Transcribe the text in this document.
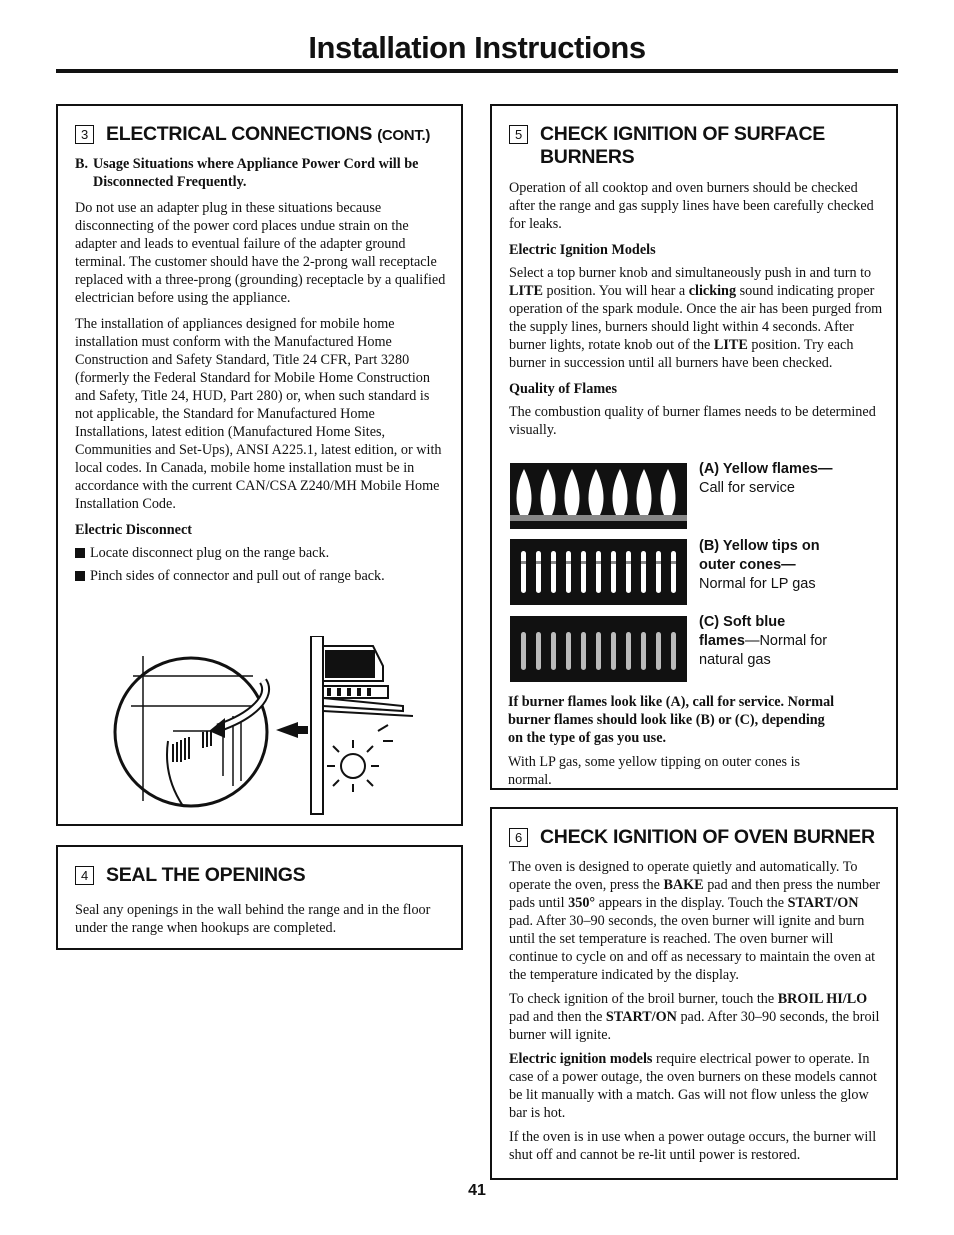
Installation Instructions
3 ELECTRICAL CONNECTIONS (CONT.)
B. Usage Situations where Appliance Power Cord will be Disconnected Frequently.

Do not use an adapter plug in these situations because disconnecting of the power cord places undue strain on the adapter and leads to eventual failure of the adapter ground terminal. The customer should have the 2-prong wall receptacle replaced with a three-prong (grounding) receptacle by a qualified electrician before using the appliance.

The installation of appliances designed for mobile home installation must conform with the Manufactured Home Construction and Safety Standard, Title 24 CFR, Part 3280 (formerly the Federal Standard for Mobile Home Construction and Safety, Title 24, HUD, Part 280) or, when such standard is not applicable, the Standard for Manufactured Home Installations, latest edition (Manufactured Home Sites, Communities and Set-Ups), ANSI A225.1, latest edition, or with local codes. In Canada, mobile home installation must be in accordance with the current CAN/CSA Z240/MH Mobile Home Installation Code.

Electric Disconnect

Locate disconnect plug on the range back.
Pinch sides of connector and pull out of range back.
4 SEAL THE OPENINGS

Seal any openings in the wall behind the range and in the floor under the range when hookups are completed.

5 CHECK IGNITION OF SURFACE
BURNERS

Operation of all cooktop and oven burners should be checked after the range and gas supply lines have been carefully checked for leaks.

Electric Ignition Models

Select a top burner knob and simultaneously push in and turn to LITE position. You will hear a clicking sound indicating proper operation of the spark module. Once the air has been purged from the supply lines, burners should light within 4 seconds. After burner lights, rotate knob out of the LITE position. Try each burner in succession until all burners have been checked.

Quality of Flames

The combustion quality of burner flames needs to be determined visually.

(A) Yellow flames—
Call for service
(B) Yellow tips on
outer cones—
Normal for LP gas
(C) Soft blue
flames—Normal for
natural gas

If burner flames look like (A), call for service. Normal burner flames should look like (B) or (C), depending on the type of gas you use.

With LP gas, some yellow tipping on outer cones is normal.

6 CHECK IGNITION OF OVEN BURNER

The oven is designed to operate quietly and automatically. To operate the oven, press the BAKE pad and then press the number pads until 350° appears in the display. Touch the START/ON pad. After 30–90 seconds, the oven burner will ignite and burn until the set temperature is reached. The oven burner will continue to cycle on and off as necessary to maintain the oven at the temperature indicated by the display.

To check ignition of the broil burner, touch the BROIL HI/LO pad and then the START/ON pad. After 30–90 seconds, the broil burner will ignite.

Electric ignition models require electrical power to operate. In case of a power outage, the oven burners on these models cannot be lit manually with a match. Gas will not flow unless the glow bar is hot.

If the oven is in use when a power outage occurs, the burner will shut off and cannot be re-lit until power is restored.

41
